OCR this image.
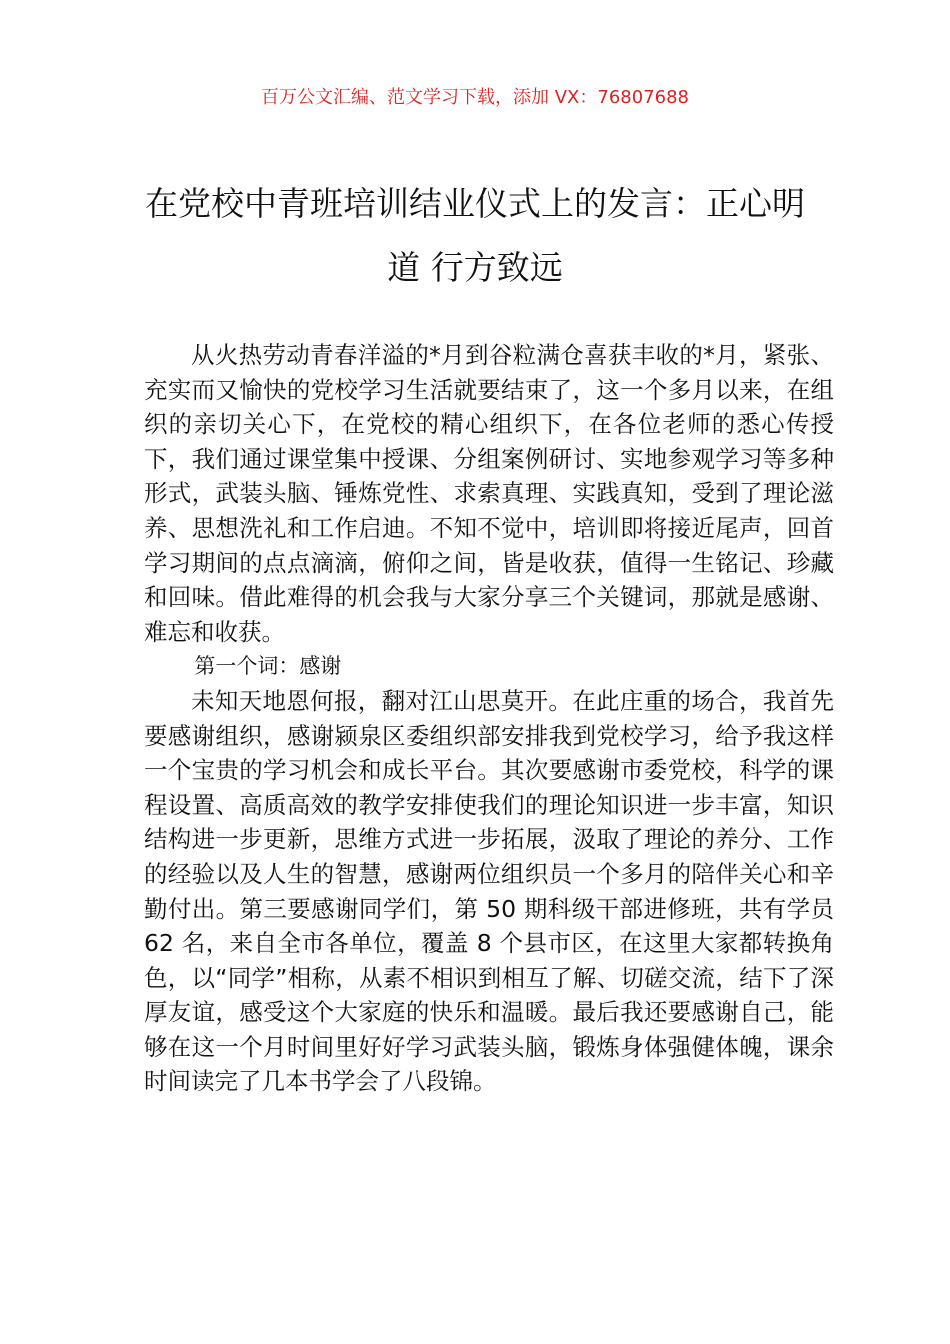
百万公文汇编、范文学习下载，添加 VX：76807688
在党校中青班培训结业仪式上的发言：正心明道 行方致远

从火热劳动青春洋溢的*月到谷粒满仓喜获丰收的*月，紧张、充实而又愉快的党校学习生活就要结束了，这一个多月以来，在组织的亲切关心下，在党校的精心组织下，在各位老师的悉心传授下，我们通过课堂集中授课、分组案例研讨、实地参观学习等多种形式，武装头脑、锤炼党性、求索真理、实践真知，受到了理论滋养、思想洗礼和工作启迪。不知不觉中，培训即将接近尾声，回首学习期间的点点滴滴，俯仰之间，皆是收获，值得一生铭记、珍藏和回味。借此难得的机会我与大家分享三个关键词，那就是感谢、难忘和收获。

第一个词：感谢

未知天地恩何报，翻对江山思莫开。在此庄重的场合，我首先要感谢组织，感谢颍泉区委组织部安排我到党校学习，给予我这样一个宝贵的学习机会和成长平台。其次要感谢市委党校，科学的课程设置、高质高效的教学安排使我们的理论知识进一步丰富，知识结构进一步更新，思维方式进一步拓展，汲取了理论的养分、工作的经验以及人生的智慧，感谢两位组织员一个多月的陪伴关心和辛勤付出。第三要感谢同学们，第 50 期科级干部进修班，共有学员 62 名，来自全市各单位，覆盖 8 个县市区，在这里大家都转换角色，以“同学”相称，从素不相识到相互了解、切磋交流，结下了深厚友谊，感受这个大家庭的快乐和温暖。最后我还要感谢自己，能够在这一个月时间里好好学习武装头脑，锻炼身体强健体魄，课余时间读完了几本书学会了八段锦。
